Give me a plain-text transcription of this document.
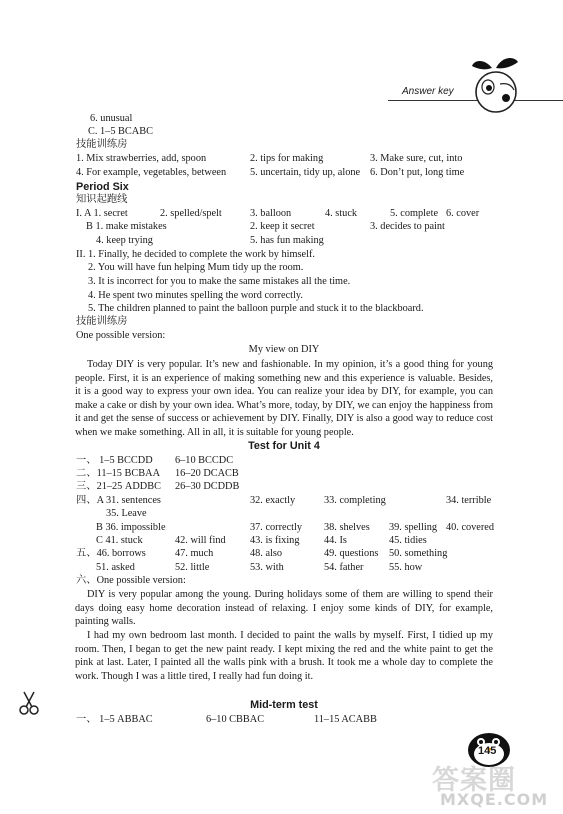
Answer key
6. unusual
C. 1–5 BCABC
技能训练房
1. Mix strawberries, add, spoon	2. tips for making	3. Make sure, cut, into
4. For example, vegetables, between 5. uncertain, tidy up, alone 6. Don’t put, long time
Period Six
知识起跑线
I. A 1. secret	2. spelled/spelt	3. balloon	4. stuck	5. complete 6. cover
B 1. make mistakes	2. keep it secret	3. decides to paint
4. keep trying	5. has fun making
II. 1. Finally, he decided to complete the work by himself.
2. You will have fun helping Mum tidy up the room.
3. It is incorrect for you to make the same mistakes all the time.
4. He spent two minutes spelling the word correctly.
5. The children planned to paint the balloon purple and stuck it to the blackboard.
技能训练房
One possible version:
My view on DIY
Today DIY is very popular. It’s new and fashionable. In my opinion, it’s a good thing for young people. First, it is an experience of making something new and this experience is valuable. Besides, it is a good way to express your own idea. You can realize your idea by DIY, for example, you can make a cake or dish by your own idea. What’s more, today, by DIY, we can enjoy the happiness from it and get the sense of success or achievement by DIY. Finally, DIY is also a good way to reduce cost when we make something. All in all, it is suitable for young people.
Test for Unit 4
一、 1–5 BCCDD 6–10 BCCDC
二、11–15 BCBAA 16–20 DCACB
三、21–25 ADDBC 26–30 DCDDB
四、A 31. sentences	32. exactly	33. completing	34. terrible
35. Leave
B 36. impossible	37. correctly 38. shelves 39. spelling 40. covered
C 41. stuck	42. will find 43. is fixing 44. Is	45. tidies
五、46. borrows	47. much	48. also	49. questions 50. something
51. asked	52. little	53. with	54. father 55. how
六、One possible version:
DIY is very popular among the young. During holidays some of them are willing to spend their days doing easy home decoration instead of relaxing. I enjoy some kinds of DIY, for example, painting walls.
I had my own bedroom last month. I decided to paint the walls by myself. First, I tidied up my room. Then, I began to get the new paint ready. I kept mixing the red and the white paint to get the pink at last. Later, I painted all the walls pink with a brush. It took me a whole day to complete the work. Though I was a little tired, I really had fun doing it.
Mid-term test
一、 1–5 ABBAC	6–10 CBBAC	11–15 ACABB
145
答案圈
MXQE.COM
